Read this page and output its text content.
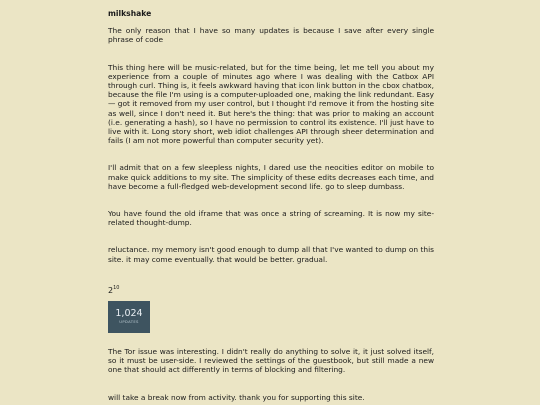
milkshake

The only reason that I have so many updates is because I save after every single phrase of code

This thing here will be music-related, but for the time being, let me tell you about my experience from a couple of minutes ago where I was dealing with the Catbox API through curl. Thing is, it feels awkward having that icon link button in the cbox chatbox, because the file I'm using is a computer-uploaded one, making the link redundant. Easy — got it removed from my user control, but I thought I'd remove it from the hosting site as well, since I don't need it. But here's the thing: that was prior to making an account (i.e. generating a hash), so I have no permission to control its existence. I'll just have to live with it. Long story short, web idiot challenges API through sheer determination and fails (I am not more powerful than computer security yet).

I'll admit that on a few sleepless nights, I dared use the neocities editor on mobile to make quick additions to my site. The simplicity of these edits decreases each time, and have become a full-fledged web-development second life. go to sleep dumbass.

You have found the old iframe that was once a string of screaming. It is now my site-related thought-dump.

reluctance. my memory isn't good enough to dump all that I've wanted to dump on this site. it may come eventually. that would be better. gradual.

$2^{10}$
1,024
UPDATES

The Tor issue was interesting. I didn't really do anything to solve it, it just solved itself, so it must be user-side. I reviewed the settings of the guestbook, but still made a new one that should act differently in terms of blocking and filtering.

will take a break now from activity. thank you for supporting this site.
